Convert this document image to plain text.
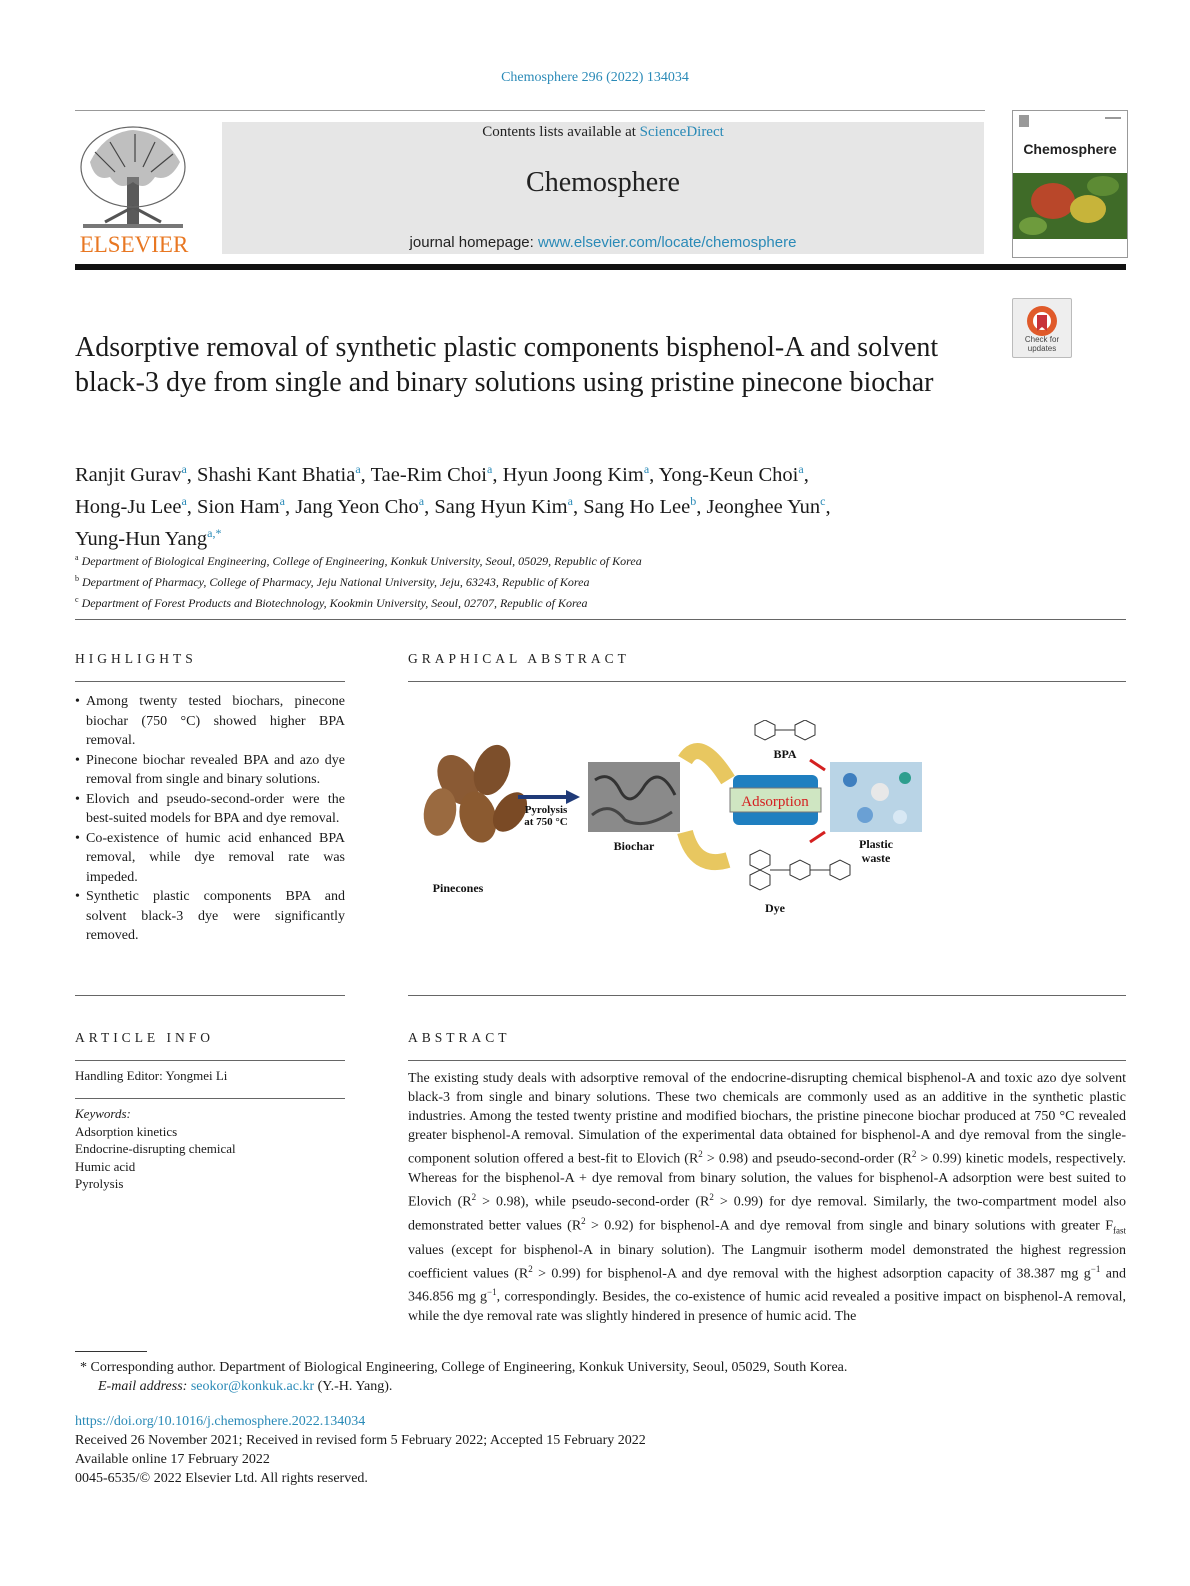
Chemosphere 296 (2022) 134034
ELSEVIER
Contents lists available at ScienceDirect
Chemosphere
journal homepage: www.elsevier.com/locate/chemosphere
Chemosphere
Check for updates
Adsorptive removal of synthetic plastic components bisphenol-A and solvent black-3 dye from single and binary solutions using pristine pinecone biochar
Ranjit Gurav$^a$, Shashi Kant Bhatia$^a$, Tae-Rim Choi$^a$, Hyun Joong Kim$^a$, Yong-Keun Choi$^a$,
Hong-Ju Lee$^a$, Sion Ham$^a$, Jang Yeon Cho$^a$, Sang Hyun Kim$^a$, Sang Ho Lee$^b$, Jeonghee Yun$^c$,
Yung-Hun Yang$^{a,*}$
$^a$ Department of Biological Engineering, College of Engineering, Konkuk University, Seoul, 05029, Republic of Korea
$^b$ Department of Pharmacy, College of Pharmacy, Jeju National University, Jeju, 63243, Republic of Korea
$^c$ Department of Forest Products and Biotechnology, Kookmin University, Seoul, 02707, Republic of Korea
HIGHLIGHTS
• Among twenty tested biochars, pinecone biochar (750 °C) showed higher BPA removal.
• Pinecone biochar revealed BPA and azo dye removal from single and binary solutions.
• Elovich and pseudo-second-order were the best-suited models for BPA and dye removal.
• Co-existence of humic acid enhanced BPA removal, while dye removal rate was impeded.
• Synthetic plastic components BPA and solvent black-3 dye were significantly removed.
GRAPHICAL ABSTRACT
Pinecones
Pyrolysis
at 750 °C
Biochar
Adsorption
BPA
Plastic
waste
Dye
ARTICLE INFO
Handling Editor: Yongmei Li
Keywords:
Adsorption kinetics
Endocrine-disrupting chemical
Humic acid
Pyrolysis
ABSTRACT
The existing study deals with adsorptive removal of the endocrine-disrupting chemical bisphenol-A and toxic azo dye solvent black-3 from single and binary solutions. These two chemicals are commonly used as an additive in the synthetic plastic industries. Among the tested twenty pristine and modified biochars, the pristine pinecone biochar produced at 750 °C revealed greater bisphenol-A removal. Simulation of the experimental data obtained for bisphenol-A and dye removal from the single-component solution offered a best-fit to Elovich $(R^2 > 0.98)$ and pseudo-second-order $(R^2 > 0.99)$ kinetic models, respectively. Whereas for the bisphenol-A + dye removal from binary solution, the values for bisphenol-A adsorption were best suited to Elovich $(R^2 > 0.98)$, while pseudo-second-order $(R^2 > 0.99)$ for dye removal. Similarly, the two-compartment model also demonstrated better values $(R^2 > 0.92)$ for bisphenol-A and dye removal from single and binary solutions with greater $F_{fast}$ values (except for bisphenol-A in binary solution). The Langmuir isotherm model demonstrated the highest regression coefficient values $(R^2 > 0.99)$ for bisphenol-A and dye removal with the highest adsorption capacity of 38.387 mg $g^{-1}$ and 346.856 mg $g^{-1}$, correspondingly. Besides, the co-existence of humic acid revealed a positive impact on bisphenol-A removal, while the dye removal rate was slightly hindered in presence of humic acid. The
* Corresponding author. Department of Biological Engineering, College of Engineering, Konkuk University, Seoul, 05029, South Korea.
E-mail address: seokor@konkuk.ac.kr (Y.-H. Yang).
https://doi.org/10.1016/j.chemosphere.2022.134034
Received 26 November 2021; Received in revised form 5 February 2022; Accepted 15 February 2022
Available online 17 February 2022
0045-6535/© 2022 Elsevier Ltd. All rights reserved.
